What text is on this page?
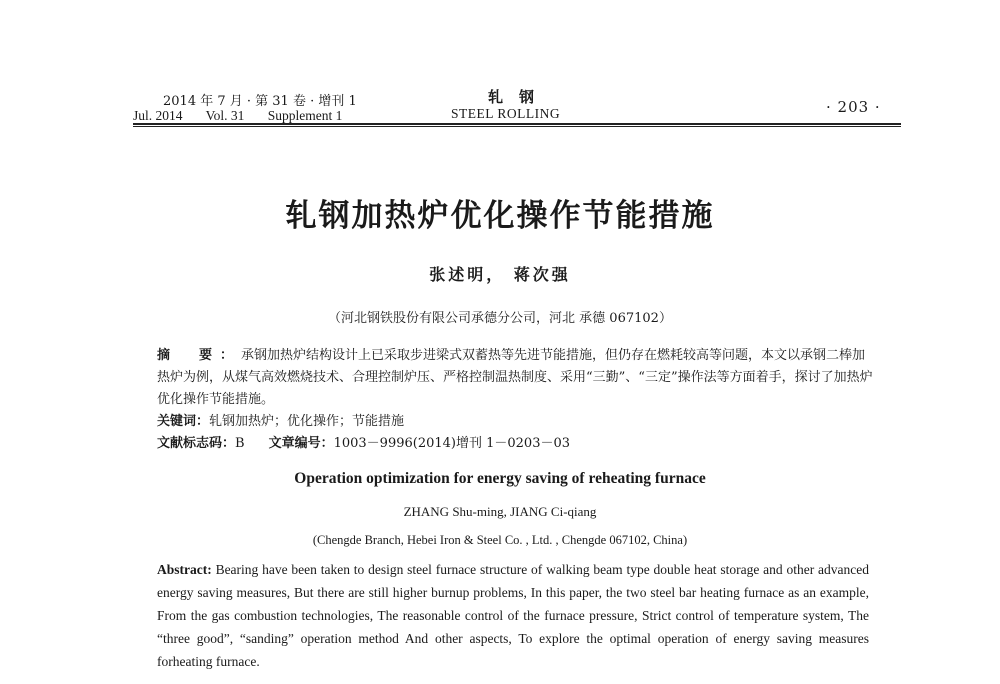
2014 年 7 月 · 第 31 卷 · 增刊 1
Jul. 2014 Vol. 31 Supplement 1
轧钢
STEEL ROLLING	· 203 ·
轧钢加热炉优化操作节能措施
张述明， 蒋次强
（河北钢铁股份有限公司承德分公司，河北 承德 067102）
摘　要：承钢加热炉结构设计上已采取步进梁式双蓄热等先进节能措施，但仍存在燃耗较高等问题，本文以承钢二棒加热炉为例，从煤气高效燃烧技术、合理控制炉压、严格控制温热制度、采用“三勤”、“三定”操作法等方面着手，探讨了加热炉优化操作节能措施。
关键词：轧钢加热炉；优化操作；节能措施
文献标志码：B 文章编号：1003－9996(2014)增刊 1－0203－03
Operation optimization for energy saving of reheating furnace
ZHANG Shu-ming, JIANG Ci-qiang
(Chengde Branch, Hebei Iron & Steel Co. , Ltd. , Chengde 067102, China)
Abstract: Bearing have been taken to design steel furnace structure of walking beam type double heat storage and other advanced energy saving measures, But there are still higher burnup problems, In this paper, the two steel bar heating furnace as an example, From the gas combustion technologies, The reasonable control of the furnace pressure, Strict control of temperature system, The “three good”, “sanding” operation method And other aspects, To explore the optimal operation of energy saving measures forheating furnace.
